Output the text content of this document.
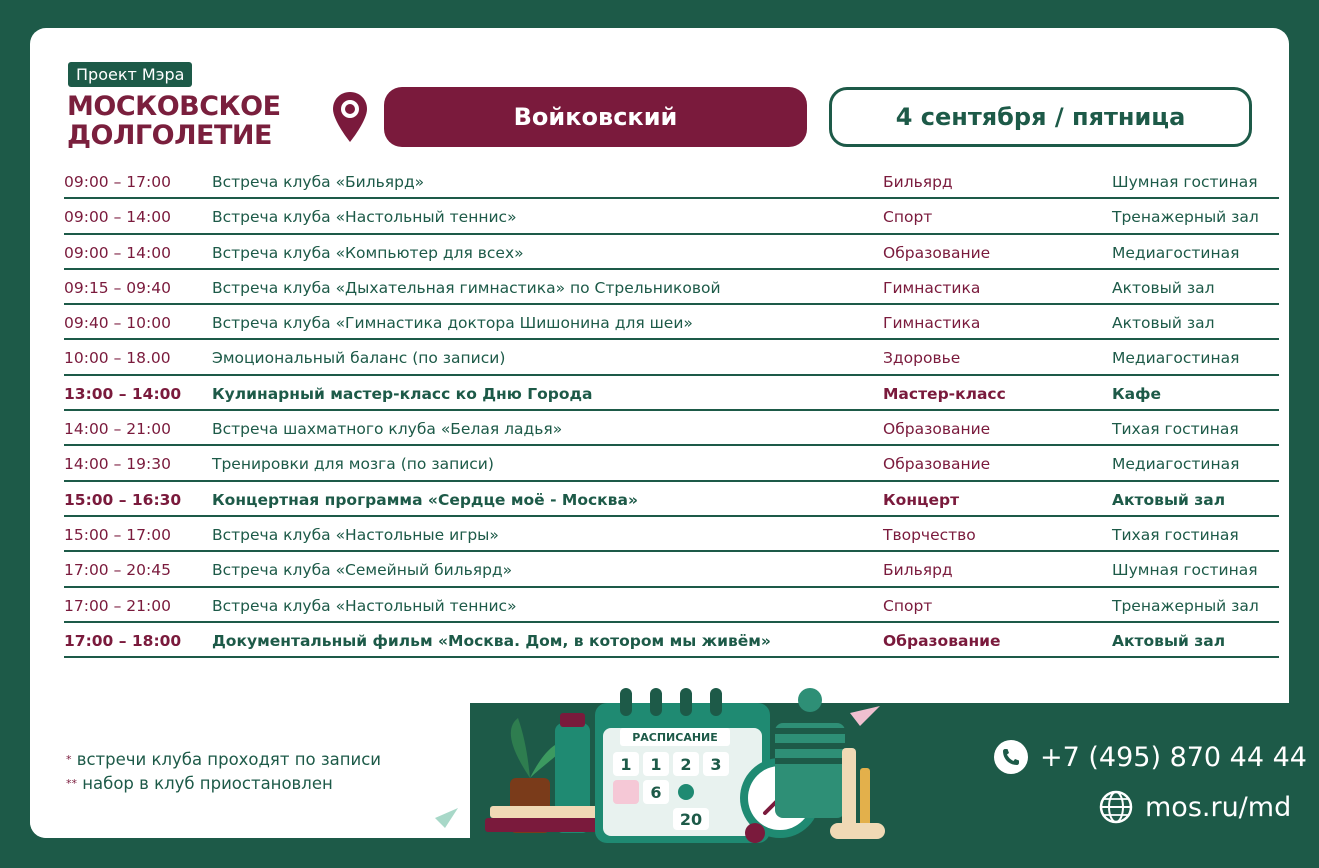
Проект Мэра
МОСКОВСКОЕ
ДОЛГОЛЕТИЕ
Войковский	4 сентября / пятница
09:00 – 17:00	Встреча клуба «Бильярд»	Бильярд	Шумная гостиная
09:00 – 14:00	Встреча клуба «Настольный теннис»	Спорт	Тренажерный зал
09:00 – 14:00	Встреча клуба «Компьютер для всех»	Образование	Медиагостиная
09:15 – 09:40	Встреча клуба «Дыхательная гимнастика» по Стрельниковой	Гимнастика	Актовый зал
09:40 – 10:00	Встреча клуба «Гимнастика доктора Шишонина для шеи»	Гимнастика	Актовый зал
10:00 – 18.00	Эмоциональный баланс (по записи)	Здоровье	Медиагостиная
13:00 – 14:00 Кулинарный мастер-класс ко Дню Города	Мастер-класс	Кафе
14:00 – 21:00	Встреча шахматного клуба «Белая ладья»	Образование	Тихая гостиная
14:00 – 19:30	Тренировки для мозга (по записи)	Образование	Медиагостиная
15:00 – 16:30 Концертная программа «Сердце моё - Москва»	Концерт	Актовый зал
15:00 – 17:00	Встреча клуба «Настольные игры»	Творчество	Тихая гостиная
17:00 – 20:45	Встреча клуба «Семейный бильярд»	Бильярд	Шумная гостиная
17:00 – 21:00	Встреча клуба «Настольный теннис»	Спорт	Тренажерный зал
17:00 – 18:00 Документальный фильм «Москва. Дом, в котором мы живём»	Образование	Актовый зал
* встречи клуба проходят по записи
** набор в клуб приостановлен
РАСПИСАНИЕ
1 1 2 3
6
20
+7 (495) 870 44 44
mos.ru/md
